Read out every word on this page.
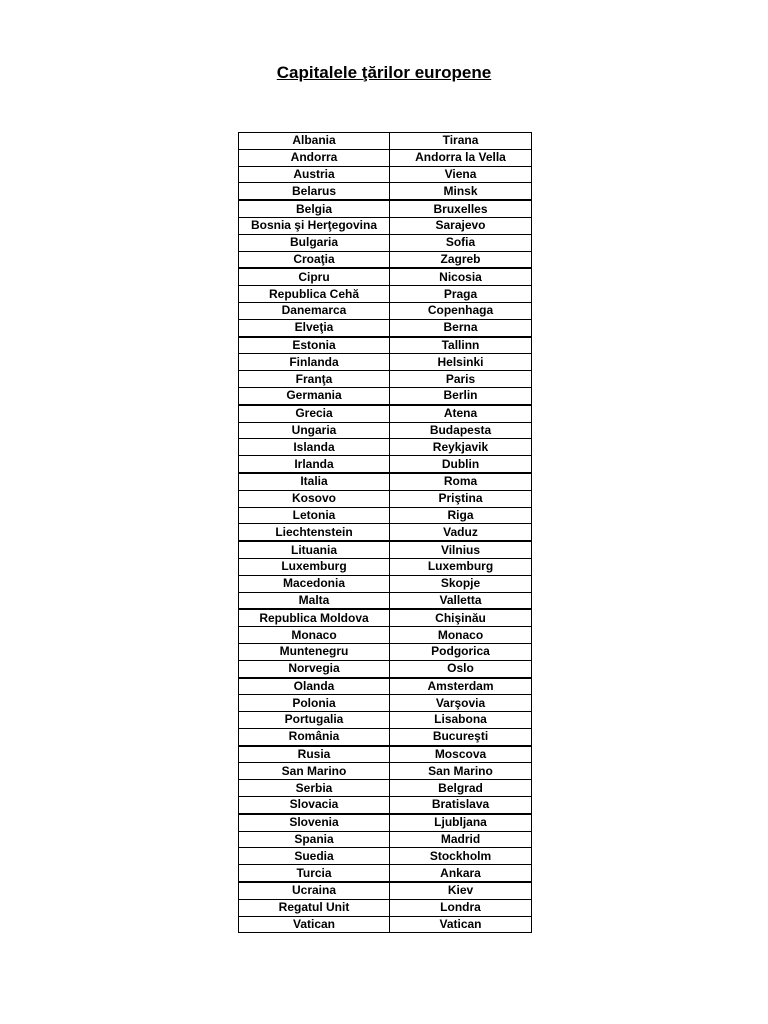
Capitalele ţărilor europene
Albania	Tirana
Andorra	Andorra la Vella
Austria	Viena
Belarus	Minsk
Belgia	Bruxelles
Bosnia şi Herţegovina	Sarajevo
Bulgaria	Sofia
Croaţia	Zagreb
Cipru	Nicosia
Republica Cehă	Praga
Danemarca	Copenhaga
Elveţia	Berna
Estonia	Tallinn
Finlanda	Helsinki
Franţa	Paris
Germania	Berlin
Grecia	Atena
Ungaria	Budapesta
Islanda	Reykjavik
Irlanda	Dublin
Italia	Roma
Kosovo	Priştina
Letonia	Riga
Liechtenstein	Vaduz
Lituania	Vilnius
Luxemburg	Luxemburg
Macedonia	Skopje
Malta	Valletta
Republica Moldova	Chişinău
Monaco	Monaco
Muntenegru	Podgorica
Norvegia	Oslo
Olanda	Amsterdam
Polonia	Varşovia
Portugalia	Lisabona
România	Bucureşti
Rusia	Moscova
San Marino	San Marino
Serbia	Belgrad
Slovacia	Bratislava
Slovenia	Ljubljana
Spania	Madrid
Suedia	Stockholm
Turcia	Ankara
Ucraina	Kiev
Regatul Unit	Londra
Vatican	Vatican
